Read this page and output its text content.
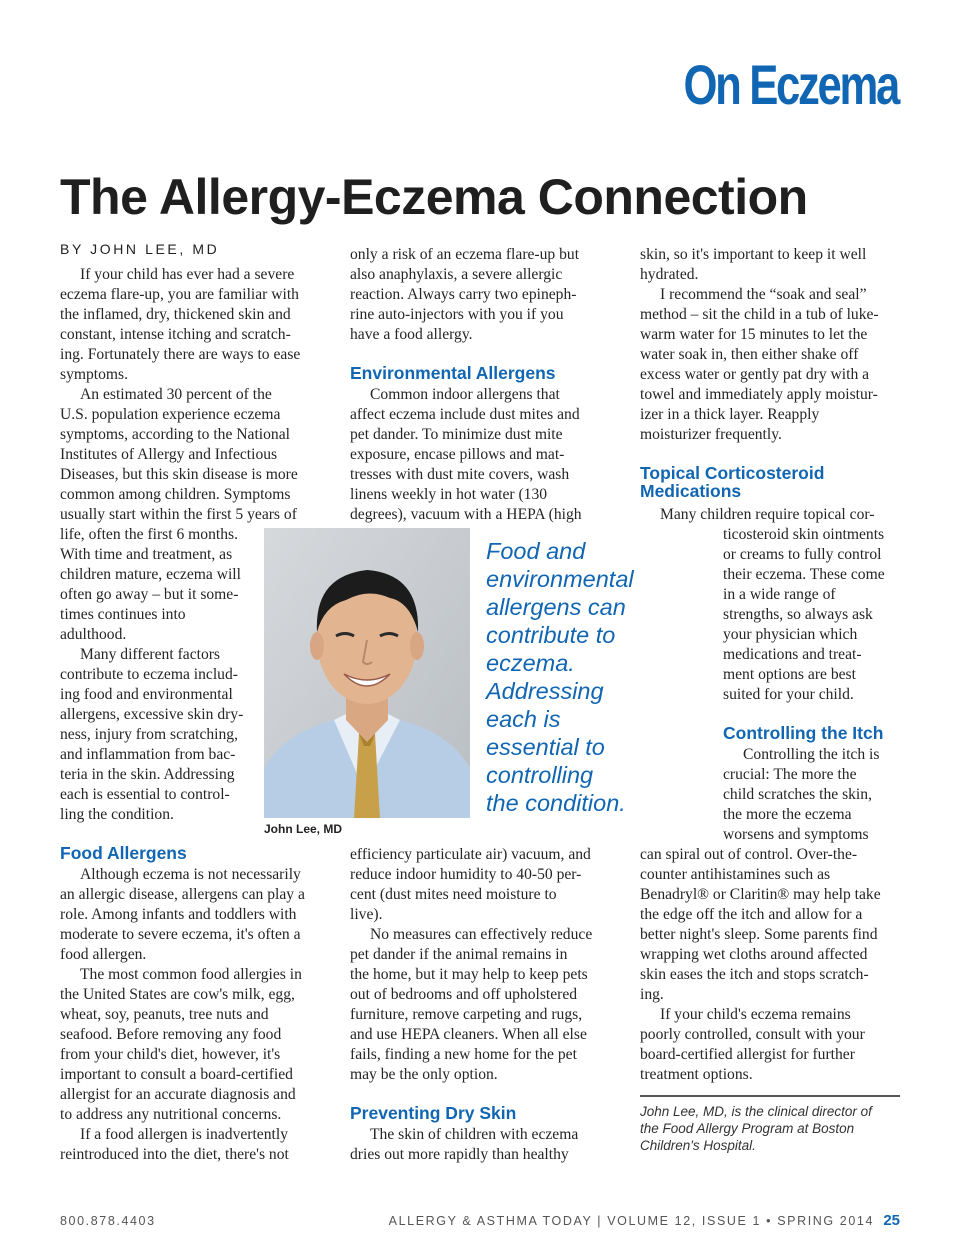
On Eczema
The Allergy-Eczema Connection
BY JOHN LEE, MD
If your child has ever had a severe
eczema flare-up, you are familiar with
the inflamed, dry, thickened skin and
constant, intense itching and scratch-
ing. Fortunately there are ways to ease
symptoms.
An estimated 30 percent of the
U.S. population experience eczema
symptoms, according to the National
Institutes of Allergy and Infectious
Diseases, but this skin disease is more
common among children. Symptoms
usually start within the first 5 years of
life, often the first 6 months.
With time and treatment, as
children mature, eczema will
often go away – but it some-
times continues into
adulthood.
Many different factors
contribute to eczema includ-
ing food and environmental
allergens, excessive skin dry-
ness, injury from scratching,
and inflammation from bac-
teria in the skin. Addressing
each is essential to control-
ling the condition.
Food Allergens
Although eczema is not necessarily
an allergic disease, allergens can play a
role. Among infants and toddlers with
moderate to severe eczema, it's often a
food allergen.
The most common food allergies in
the United States are cow's milk, egg,
wheat, soy, peanuts, tree nuts and
seafood. Before removing any food
from your child's diet, however, it's
important to consult a board-certified
allergist for an accurate diagnosis and
to address any nutritional concerns.
If a food allergen is inadvertently
reintroduced into the diet, there's not
only a risk of an eczema flare-up but
also anaphylaxis, a severe allergic
reaction. Always carry two epineph-
rine auto-injectors with you if you
have a food allergy.
Environmental Allergens
Common indoor allergens that
affect eczema include dust mites and
pet dander. To minimize dust mite
exposure, encase pillows and mat-
tresses with dust mite covers, wash
linens weekly in hot water (130
degrees), vacuum with a HEPA (high
John Lee, MD
Food and
environmental
allergens can
contribute to
eczema.
Addressing
each is
essential to
controlling
the condition.
efficiency particulate air) vacuum, and
reduce indoor humidity to 40-50 per-
cent (dust mites need moisture to
live).
No measures can effectively reduce
pet dander if the animal remains in
the home, but it may help to keep pets
out of bedrooms and off upholstered
furniture, remove carpeting and rugs,
and use HEPA cleaners. When all else
fails, finding a new home for the pet
may be the only option.
Preventing Dry Skin
The skin of children with eczema
dries out more rapidly than healthy
skin, so it's important to keep it well
hydrated.
I recommend the “soak and seal”
method – sit the child in a tub of luke-
warm water for 15 minutes to let the
water soak in, then either shake off
excess water or gently pat dry with a
towel and immediately apply moistur-
izer in a thick layer. Reapply
moisturizer frequently.
Topical Corticosteroid
Medications
Many children require topical cor-
ticosteroid skin ointments
or creams to fully control
their eczema. These come
in a wide range of
strengths, so always ask
your physician which
medications and treat-
ment options are best
suited for your child.
Controlling the Itch
Controlling the itch is
crucial: The more the
child scratches the skin,
the more the eczema
worsens and symptoms
can spiral out of control. Over-the-
counter antihistamines such as
Benadryl® or Claritin® may help take
the edge off the itch and allow for a
better night's sleep. Some parents find
wrapping wet cloths around affected
skin eases the itch and stops scratch-
ing.
If your child's eczema remains
poorly controlled, consult with your
board-certified allergist for further
treatment options.
John Lee, MD, is the clinical director of
the Food Allergy Program at Boston
Children's Hospital.
800.878.4403	ALLERGY & ASTHMA TODAY | VOLUME 12, ISSUE 1 • SPRING 2014 25
